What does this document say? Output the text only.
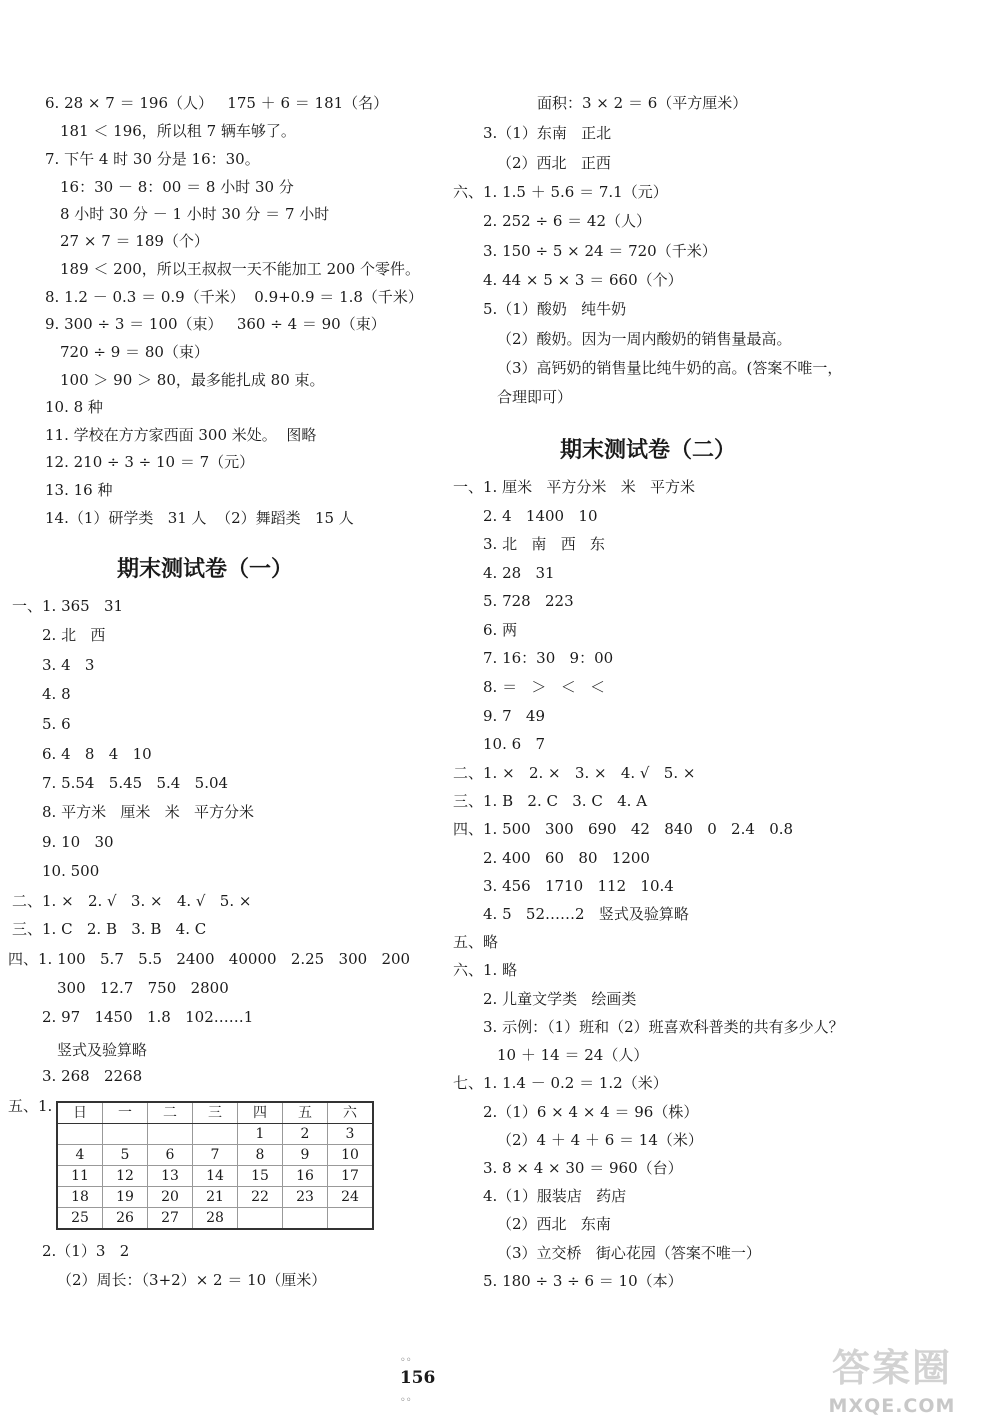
6. 28 × 7 ＝ 196（人）   175 ＋ 6 ＝ 181（名）
181 ＜ 196，所以租 7 辆车够了。
7. 下午 4 时 30 分是 16：30。
16：30 － 8：00 ＝ 8 小时 30 分
8 小时 30 分 － 1 小时 30 分 ＝ 7 小时
27 × 7 ＝ 189（个）
189 ＜ 200，所以王叔叔一天不能加工 200 个零件。
8. 1.2 － 0.3 ＝ 0.9（千米）  0.9+0.9 ＝ 1.8（千米）
9. 300 ÷ 3 ＝ 100（束）   360 ÷ 4 ＝ 90（束）
720 ÷ 9 ＝ 80（束）
100 ＞ 90 ＞ 80，最多能扎成 80 束。
10. 8 种
11. 学校在方方家西面 300 米处。  图略
12. 210 ÷ 3 ÷ 10 ＝ 7（元）
13. 16 种
14.（1）研学类   31 人  （2）舞蹈类   15 人
期末测试卷（一）
一、1. 365   31
2. 北   西
3. 4   3
4. 8
5. 6
6. 4   8   4   10
7. 5.54   5.45   5.4   5.04
8. 平方米   厘米   米   平方分米
9. 10   30
10. 500
二、1. ×   2. √   3. ×   4. √   5. ×
三、1. C   2. B   3. B   4. C
四、1. 100   5.7   5.5   2400   40000   2.25   300   200
300   12.7   750   2800
2. 97   1450   1.8   102……1
竖式及验算略
3. 268   2268
五、1. 日	一	二	三	四	五	六
				1	2	3
4	5	6	7	8	9	10
11	12	13	14	15	16	17
18	19	20	21	22	23	24
25	26	27	28			
2.（1）3   2
（2）周长：（3+2）× 2 ＝ 10（厘米）
面积：3 × 2 ＝ 6（平方厘米）
3.（1）东南   正北
（2）西北   正西
六、1. 1.5 ＋ 5.6 ＝ 7.1（元）
2. 252 ÷ 6 ＝ 42（人）
3. 150 ÷ 5 × 24 ＝ 720（千米）
4. 44 × 5 × 3 ＝ 660（个）
5.（1）酸奶   纯牛奶
（2）酸奶。因为一周内酸奶的销售量最高。
（3）高钙奶的销售量比纯牛奶的高。(答案不唯一，
合理即可）
期末测试卷（二）
一、1. 厘米   平方分米   米   平方米
2. 4   1400   10
3. 北   南   西   东
4. 28   31
5. 728   223
6. 两
7. 16：30   9：00
8. ＝   ＞   ＜   ＜
9. 7   49
10. 6   7
二、1. ×   2. ×   3. ×   4. √   5. ×
三、1. B   2. C   3. C   4. A
四、1. 500   300   690   42   840   0   2.4   0.8
2. 400   60   80   1200
3. 456   1710   112   10.4
4. 5   52……2   竖式及验算略
五、略
六、1. 略
2. 儿童文学类   绘画类
3. 示例：（1）班和（2）班喜欢科普类的共有多少人？
10 ＋ 14 ＝ 24（人）
七、1. 1.4 － 0.2 ＝ 1.2（米）
2.（1）6 × 4 × 4 ＝ 96（株）
（2）4 ＋ 4 ＋ 6 ＝ 14（米）
3. 8 × 4 × 30 ＝ 960（台）
4.（1）服装店   药店
（2）西北   东南
（3）立交桥   街心花园（答案不唯一）
5. 180 ÷ 3 ÷ 6 ＝ 10（本）

◦◦
156
◦◦

答案圈
MXQE.COM
